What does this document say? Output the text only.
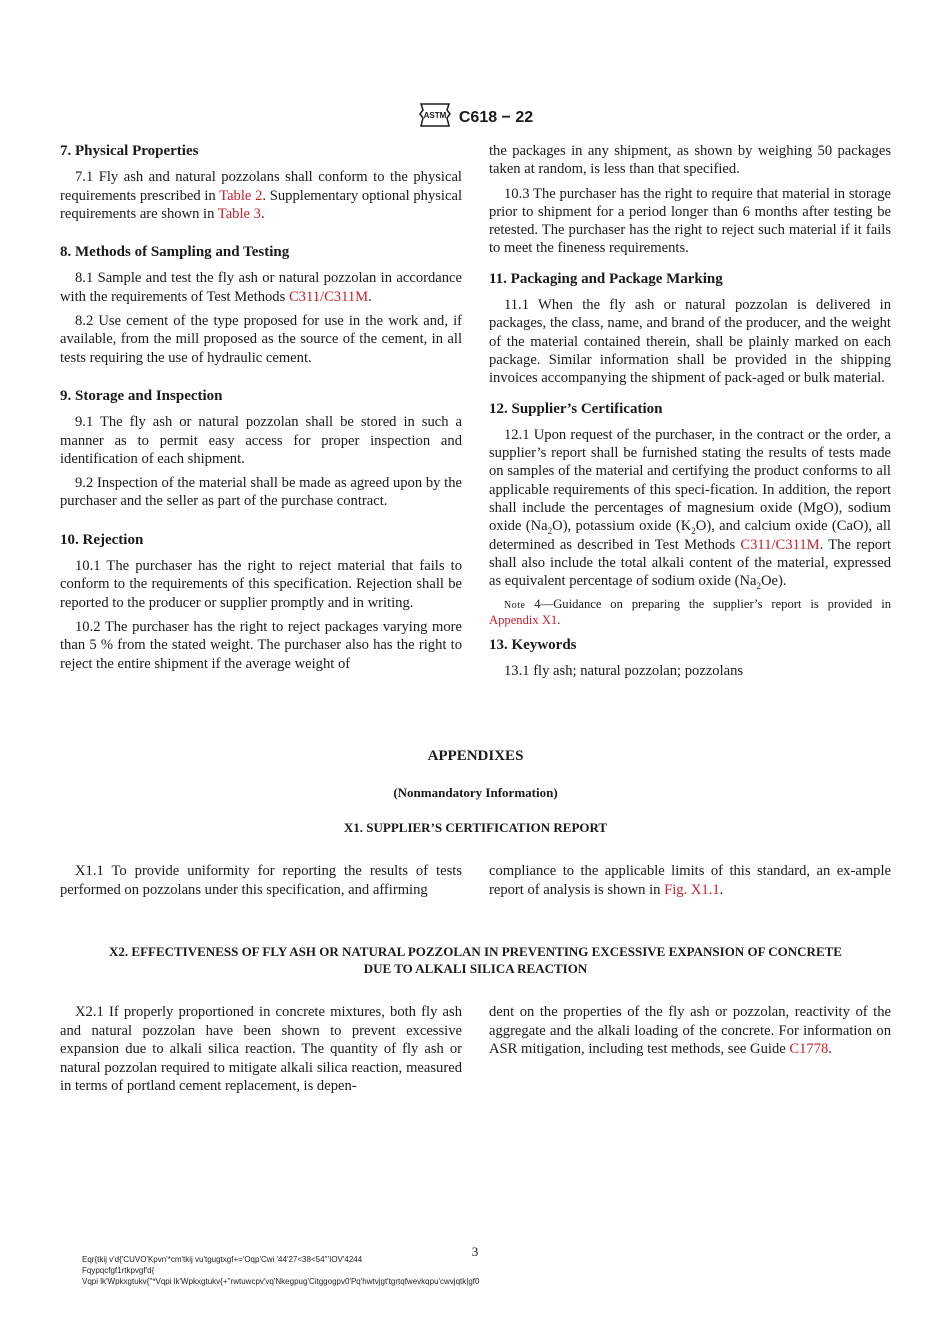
ASTM C618 − 22

7. Physical Properties

7.1 Fly ash and natural pozzolans shall conform to the physical requirements prescribed in Table 2. Supplementary optional physical requirements are shown in Table 3.

8. Methods of Sampling and Testing

8.1 Sample and test the fly ash or natural pozzolan in accordance with the requirements of Test Methods C311/C311M.

8.2 Use cement of the type proposed for use in the work and, if available, from the mill proposed as the source of the cement, in all tests requiring the use of hydraulic cement.

9. Storage and Inspection

9.1 The fly ash or natural pozzolan shall be stored in such a manner as to permit easy access for proper inspection and identification of each shipment.

9.2 Inspection of the material shall be made as agreed upon by the purchaser and the seller as part of the purchase contract.

10. Rejection

10.1 The purchaser has the right to reject material that fails to conform to the requirements of this specification. Rejection shall be reported to the producer or supplier promptly and in writing.

10.2 The purchaser has the right to reject packages varying more than 5 % from the stated weight. The purchaser also has the right to reject the entire shipment if the average weight of

the packages in any shipment, as shown by weighing 50 packages taken at random, is less than that specified.

10.3 The purchaser has the right to require that material in storage prior to shipment for a period longer than 6 months after testing be retested. The purchaser has the right to reject such material if it fails to meet the fineness requirements.

11. Packaging and Package Marking

11.1 When the fly ash or natural pozzolan is delivered in packages, the class, name, and brand of the producer, and the weight of the material contained therein, shall be plainly marked on each package. Similar information shall be provided in the shipping invoices accompanying the shipment of pack-aged or bulk material.

12. Supplier’s Certification

12.1 Upon request of the purchaser, in the contract or the order, a supplier’s report shall be furnished stating the results of tests made on samples of the material and certifying the product conforms to all applicable requirements of this speci-fication. In addition, the report shall include the percentages of magnesium oxide (MgO), sodium oxide $(Na_2O)$, potassium oxide $(K_2O)$, and calcium oxide (CaO), all determined as described in Test Methods C311/C311M. The report shall also include the total alkali content of the material, expressed as equivalent percentage of sodium oxide $(Na_2Oe)$.

Note 4—Guidance on preparing the supplier’s report is provided in Appendix X1.

13. Keywords

13.1 fly ash; natural pozzolan; pozzolans

APPENDIXES
(Nonmandatory Information)
X1. SUPPLIER’S CERTIFICATION REPORT
X1.1 To provide uniformity for reporting the results of tests performed on pozzolans under this specification, and affirming
compliance to the applicable limits of this standard, an ex-ample report of analysis is shown in Fig. X1.1.
X2. EFFECTIVENESS OF FLY ASH OR NATURAL POZZOLAN IN PREVENTING EXCESSIVE EXPANSION OF CONCRETE
DUE TO ALKALI SILICA REACTION
X2.1 If properly proportioned in concrete mixtures, both fly ash and natural pozzolan have been shown to prevent excessive expansion due to alkali silica reaction. The quantity of fly ash or natural pozzolan required to mitigate alkali silica reaction, measured in terms of portland cement replacement, is depen-
dent on the properties of the fly ash or pozzolan, reactivity of the aggregate and the alkali loading of the concrete. For information on ASR mitigation, including test methods, see Guide C1778.
3
Eqr{tkij v'd{'CUVO'Kpvn'*cm'tkij vu'tgugtxgf+='Oqp'Cwi '44'27<38<54'''IOV'4244
Fqypqcfgf1rtkpvgf'd{
Vqpi lk'Wpkxgtukv{''*Vqpi lk'Wpkxgtukv{+''rwtuwcpv'vq'Nkegpug'Citggogpv0'Pq'hwtvjgt'tgrtqfwevkqpu'cwvjqtk|gf0
